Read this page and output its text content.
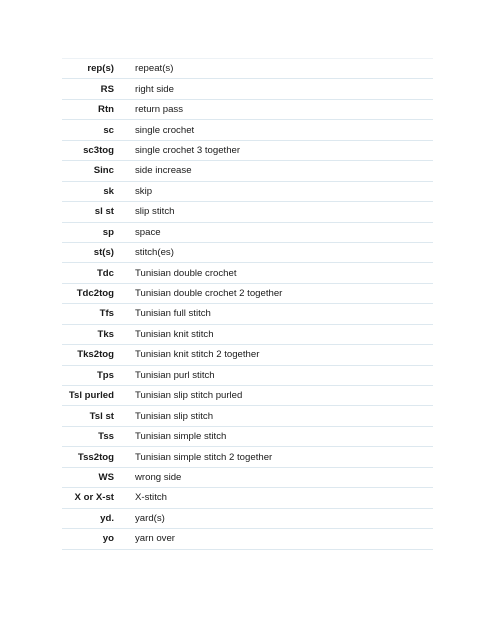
rep(s)	repeat(s)
RS	right side
Rtn	return pass
sc	single crochet
sc3tog	single crochet 3 together
Sinc	side increase
sk	skip
sl st	slip stitch
sp	space
st(s)	stitch(es)
Tdc	Tunisian double crochet
Tdc2tog	Tunisian double crochet 2 together
Tfs	Tunisian full stitch
Tks	Tunisian knit stitch
Tks2tog	Tunisian knit stitch 2 together
Tps	Tunisian purl stitch
Tsl purled	Tunisian slip stitch purled
Tsl st	Tunisian slip stitch
Tss	Tunisian simple stitch
Tss2tog	Tunisian simple stitch 2 together
WS	wrong side
X or X-st	X-stitch
yd.	yard(s)
yo	yarn over
